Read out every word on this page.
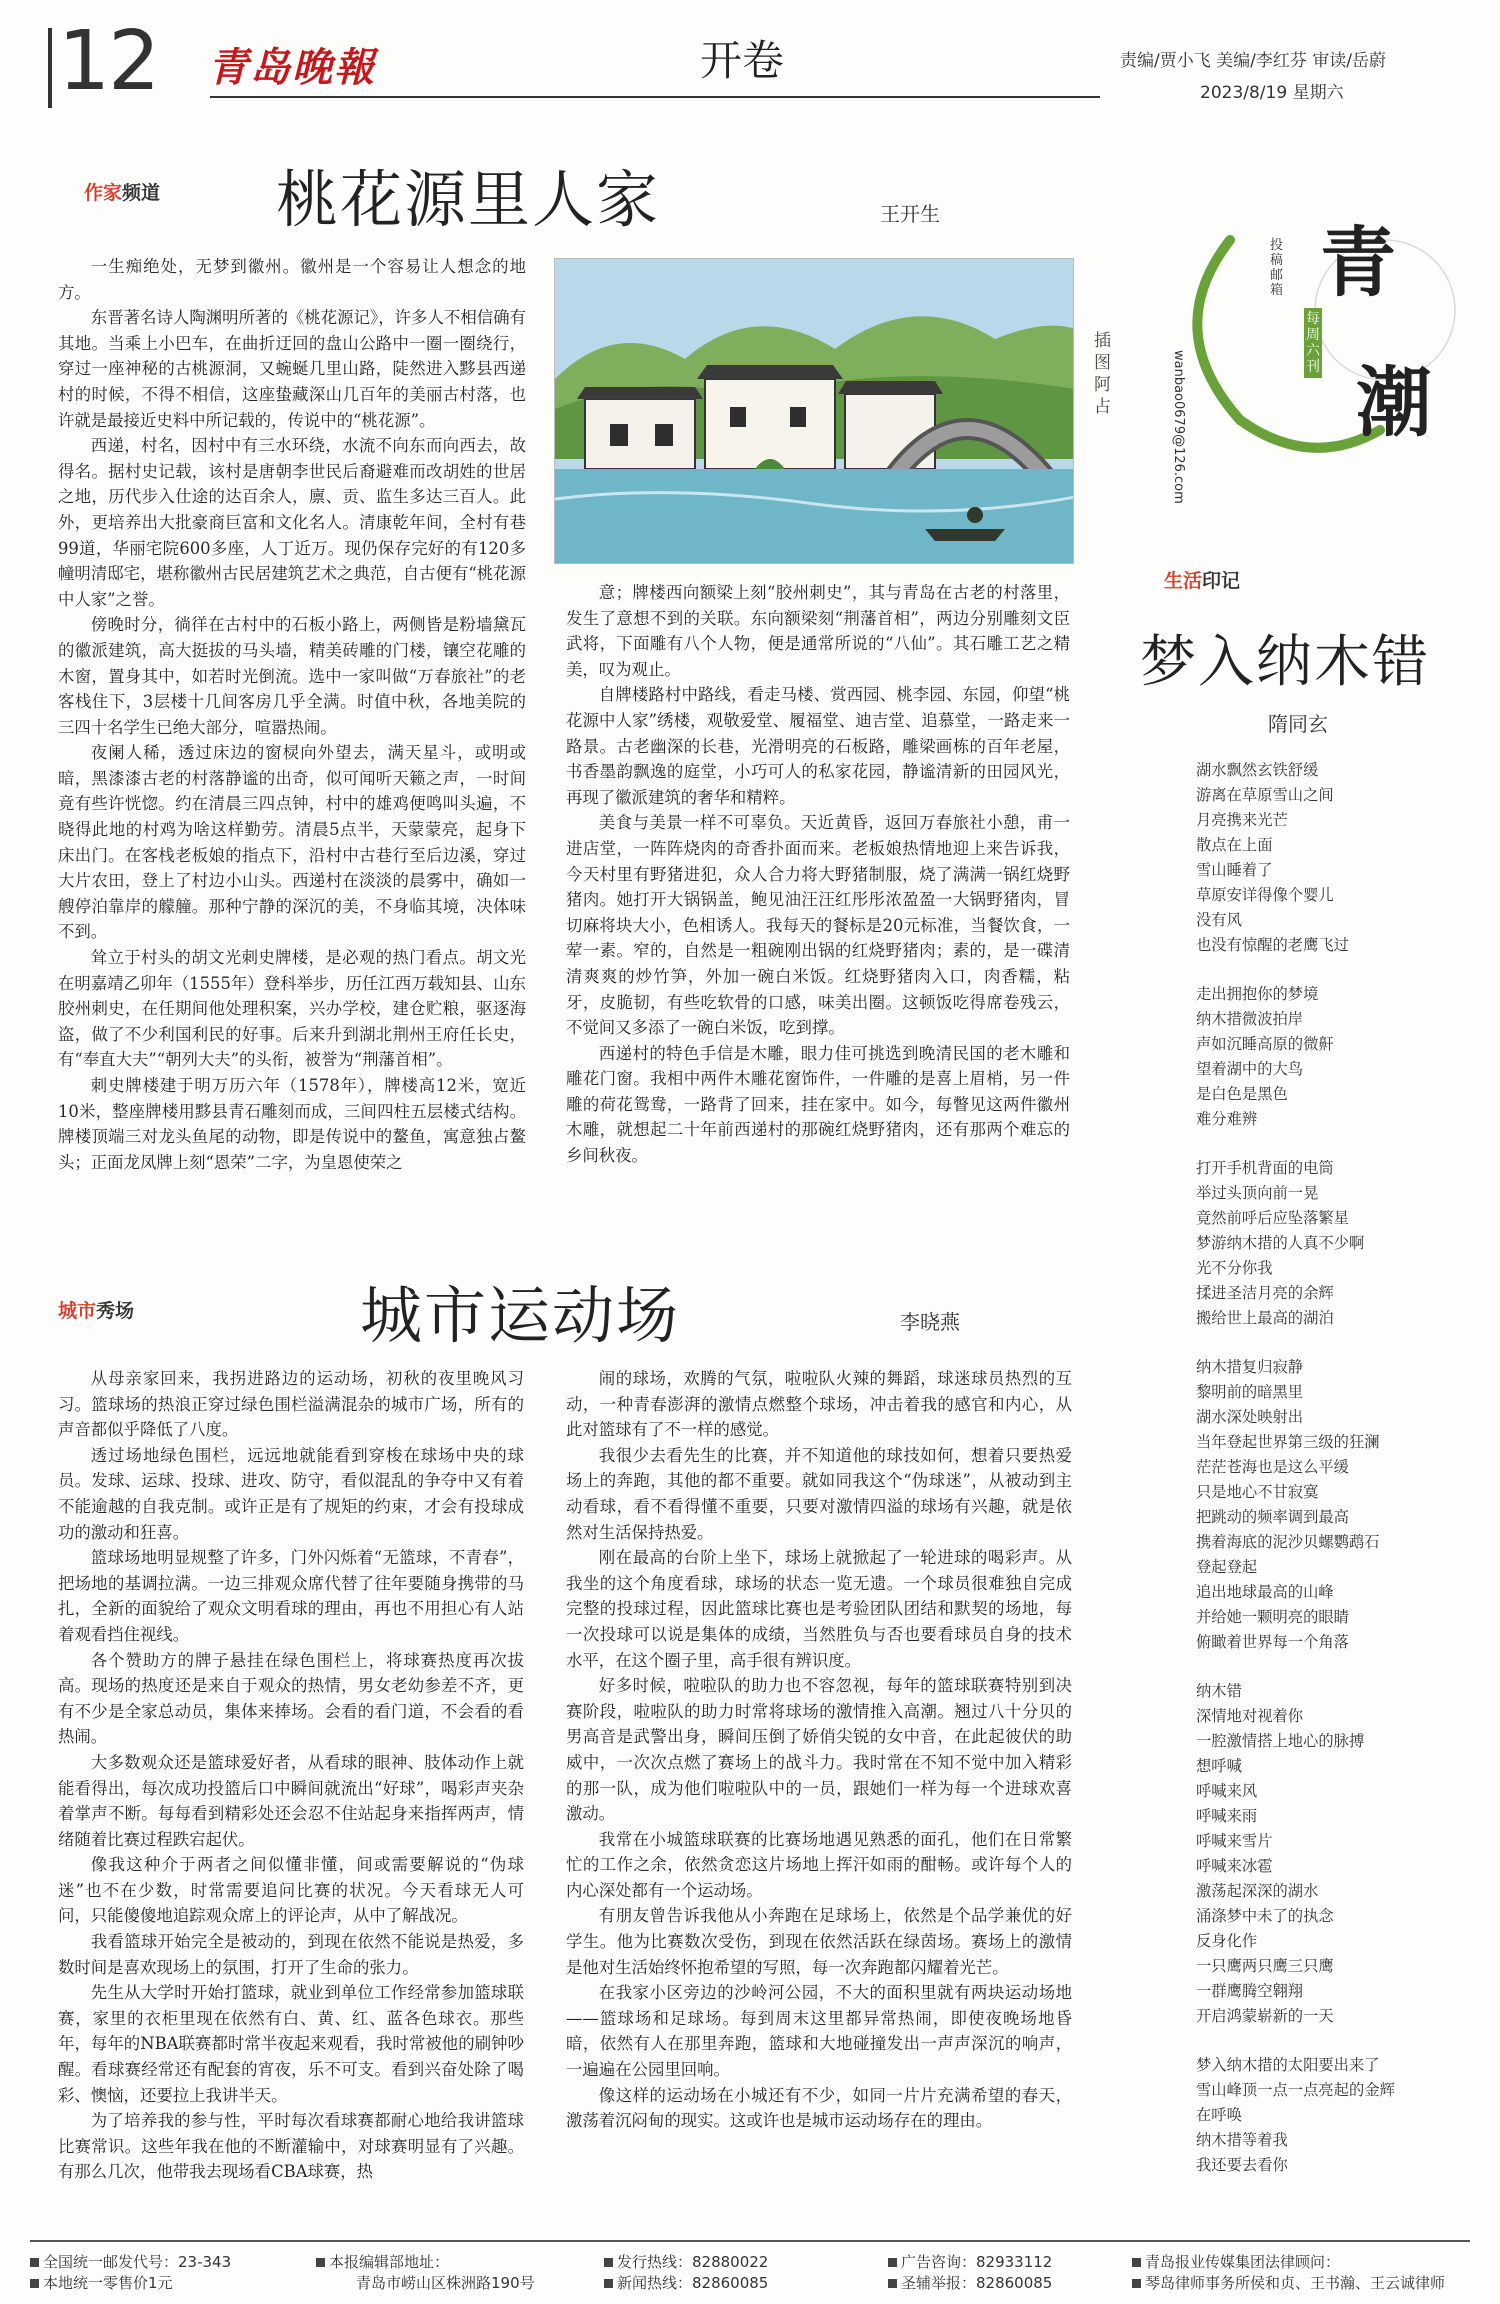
12 青岛晚報	开卷	责编/贾小飞 美编/李红芬 审读/岳蔚
2023/8/19 星期六
作家频道 桃花源里人家	王开生

一生痴绝处，无梦到徽州。徽州是一个容易让人想念的地方。

东晋著名诗人陶渊明所著的《桃花源记》，许多人不相信确有其地。当乘上小巴车，在曲折迂回的盘山公路中一圈一圈绕行，穿过一座神秘的古桃源洞，又蜿蜒几里山路，陡然进入黟县西递村的时候，不得不相信，这座蛰藏深山几百年的美丽古村落，也许就是最接近史料中所记载的，传说中的“桃花源”。

西递，村名，因村中有三水环绕，水流不向东而向西去，故得名。据村史记载，该村是唐朝李世民后裔避难而改胡姓的世居之地，历代步入仕途的达百余人，廪、贡、监生多达三百人。此外，更培养出大批豪商巨富和文化名人。清康乾年间，全村有巷99道，华丽宅院600多座，人丁近万。现仍保存完好的有120多幢明清邸宅，堪称徽州古民居建筑艺术之典范，自古便有“桃花源中人家”之誉。

傍晚时分，徜徉在古村中的石板小路上，两侧皆是粉墙黛瓦的徽派建筑，高大挺拔的马头墙，精美砖雕的门楼，镶空花雕的木窗，置身其中，如若时光倒流。选中一家叫做“万春旅社”的老客栈住下，3层楼十几间客房几乎全满。时值中秋，各地美院的三四十名学生已绝大部分，喧嚣热闹。

夜阑人稀，透过床边的窗棂向外望去，满天星斗，或明或暗，黑漆漆古老的村落静谧的出奇，似可闻听天籁之声，一时间竟有些许恍惚。约在清晨三四点钟，村中的雄鸡便鸣叫头遍，不晓得此地的村鸡为啥这样勤劳。清晨5点半，天蒙蒙亮，起身下床出门。在客栈老板娘的指点下，沿村中古巷行至后边溪，穿过大片农田，登上了村边小山头。西递村在淡淡的晨雾中，确如一艘停泊靠岸的艨艟。那种宁静的深沉的美，不身临其境，决体味不到。

耸立于村头的胡文光刺史牌楼，是必观的热门看点。胡文光在明嘉靖乙卯年（1555年）登科举步，历任江西万载知县、山东胶州刺史，在任期间他处理积案，兴办学校，建仓贮粮，驱逐海盗，做了不少利国利民的好事。后来升到湖北荆州王府任长史，有“奉直大夫”“朝列大夫”的头衔，被誉为“荆藩首相”。

刺史牌楼建于明万历六年（1578年），牌楼高12米，宽近10米，整座牌楼用黟县青石雕刻而成，三间四柱五层楼式结构。牌楼顶端三对龙头鱼尾的动物，即是传说中的鳌鱼，寓意独占鳌头；正面龙凤牌上刻“恩荣”二字，为皇恩使荣之

插图 阿占

意；牌楼西向额梁上刻“胶州刺史”，其与青岛在古老的村落里，发生了意想不到的关联。东向额梁刻“荆藩首相”，两边分别雕刻文臣武将，下面雕有八个人物，便是通常所说的“八仙”。其石雕工艺之精美，叹为观止。

自牌楼路村中路线，看走马楼、赏西园、桃李园、东园，仰望“桃花源中人家”绣楼，观敬爱堂、履福堂、迪吉堂、追慕堂，一路走来一路景。古老幽深的长巷，光滑明亮的石板路，雕梁画栋的百年老屋，书香墨韵飘逸的庭堂，小巧可人的私家花园，静谧清新的田园风光，再现了徽派建筑的奢华和精粹。

美食与美景一样不可辜负。天近黄昏，返回万春旅社小憩，甫一进店堂，一阵阵烧肉的奇香扑面而来。老板娘热情地迎上来告诉我，今天村里有野猪进犯，众人合力将大野猪制服，烧了满满一锅红烧野猪肉。她打开大锅锅盖，鲍见油汪汪红彤彤浓盈盈一大锅野猪肉，冒切麻将块大小，色相诱人。我每天的餐标是20元标准，当餐饮食，一荤一素。窄的，自然是一粗碗刚出锅的红烧野猪肉；素的，是一碟清清爽爽的炒竹笋，外加一碗白米饭。红烧野猪肉入口，肉香糯，粘牙，皮脆韧，有些吃软骨的口感，味美出圈。这顿饭吃得席卷残云，不觉间又多添了一碗白米饭，吃到撑。

西递村的特色手信是木雕，眼力佳可挑选到晚清民国的老木雕和雕花门窗。我相中两件木雕花窗饰件，一件雕的是喜上眉梢，另一件雕的荷花鸳鸯，一路背了回来，挂在家中。如今，每瞥见这两件徽州木雕，就想起二十年前西递村的那碗红烧野猪肉，还有那两个难忘的乡间秋夜。

城市秀场	城市运动场	李晓燕

从母亲家回来，我拐进路边的运动场，初秋的夜里晚风习习。篮球场的热浪正穿过绿色围栏溢满混杂的城市广场，所有的声音都似乎降低了八度。

透过场地绿色围栏，远远地就能看到穿梭在球场中央的球员。发球、运球、投球、进攻、防守，看似混乱的争夺中又有着不能逾越的自我克制。或许正是有了规矩的约束，才会有投球成功的激动和狂喜。

篮球场地明显规整了许多，门外闪烁着“无篮球，不青春”，把场地的基调拉满。一边三排观众席代替了往年要随身携带的马扎，全新的面貌给了观众文明看球的理由，再也不用担心有人站着观看挡住视线。

各个赞助方的牌子悬挂在绿色围栏上，将球赛热度再次拔高。现场的热度还是来自于观众的热情，男女老幼参差不齐，更有不少是全家总动员，集体来捧场。会看的看门道，不会看的看热闹。

大多数观众还是篮球爱好者，从看球的眼神、肢体动作上就能看得出，每次成功投篮后口中瞬间就流出“好球”，喝彩声夹杂着掌声不断。每每看到精彩处还会忍不住站起身来指挥两声，情绪随着比赛过程跌宕起伏。

像我这种介于两者之间似懂非懂，间或需要解说的“伪球迷”也不在少数，时常需要追问比赛的状况。今天看球无人可问，只能傻傻地追踪观众席上的评论声，从中了解战况。

我看篮球开始完全是被动的，到现在依然不能说是热爱，多数时间是喜欢现场上的氛围，打开了生命的张力。

先生从大学时开始打篮球，就业到单位工作经常参加篮球联赛，家里的衣柜里现在依然有白、黄、红、蓝各色球衣。那些年，每年的NBA联赛都时常半夜起来观看，我时常被他的刷钟吵醒。看球赛经常还有配套的宵夜，乐不可支。看到兴奋处除了喝彩、懊恼，还要拉上我讲半天。

为了培养我的参与性，平时每次看球赛都耐心地给我讲篮球比赛常识。这些年我在他的不断灌输中，对球赛明显有了兴趣。有那么几次，他带我去现场看CBA球赛，热

闹的球场，欢腾的气氛，啦啦队火辣的舞蹈，球迷球员热烈的互动，一种青春澎湃的激情点燃整个球场，冲击着我的感官和内心，从此对篮球有了不一样的感觉。

我很少去看先生的比赛，并不知道他的球技如何，想着只要热爱场上的奔跑，其他的都不重要。就如同我这个“伪球迷”，从被动到主动看球，看不看得懂不重要，只要对激情四溢的球场有兴趣，就是依然对生活保持热爱。

刚在最高的台阶上坐下，球场上就掀起了一轮进球的喝彩声。从我坐的这个角度看球，球场的状态一览无遗。一个球员很难独自完成完整的投球过程，因此篮球比赛也是考验团队团结和默契的场地，每一次投球可以说是集体的成绩，当然胜负与否也要看球员自身的技术水平，在这个圈子里，高手很有辨识度。

好多时候，啦啦队的助力也不容忽视，每年的篮球联赛特别到决赛阶段，啦啦队的助力时常将球场的激情推入高潮。翘过八十分贝的男高音是武警出身，瞬间压倒了娇俏尖锐的女中音，在此起彼伏的助威中，一次次点燃了赛场上的战斗力。我时常在不知不觉中加入精彩的那一队，成为他们啦啦队中的一员，跟她们一样为每一个进球欢喜激动。

我常在小城篮球联赛的比赛场地遇见熟悉的面孔，他们在日常繁忙的工作之余，依然贪恋这片场地上挥汗如雨的酣畅。或许每个人的内心深处都有一个运动场。

有朋友曾告诉我他从小奔跑在足球场上，依然是个品学兼优的好学生。他为比赛数次受伤，到现在依然活跃在绿茵场。赛场上的激情是他对生活始终怀抱希望的写照，每一次奔跑都闪耀着光芒。

在我家小区旁边的沙岭河公园，不大的面积里就有两块运动场地——篮球场和足球场。每到周末这里都异常热闹，即使夜晚场地昏暗，依然有人在那里奔跑，篮球和大地碰撞发出一声声深沉的响声，一遍遍在公园里回响。

像这样的运动场在小城还有不少，如同一片片充满希望的春天，激荡着沉闷甸的现实。这或许也是城市运动场存在的理由。

青
潮
每周六刊
投稿邮箱
wanbao0679@126.com
生活印记
梦入纳木错
隋同玄
湖水飘然玄铁舒缓
游离在草原雪山之间
月亮携来光芒
散点在上面
雪山睡着了
草原安详得像个婴儿
没有风
也没有惊醒的老鹰飞过
走出拥抱你的梦境
纳木措微波拍岸
声如沉睡高原的微鼾
望着湖中的大鸟
是白色是黑色
难分难辨
打开手机背面的电筒
举过头顶向前一晃
竟然前呼后应坠落繁星
梦游纳木措的人真不少啊
光不分你我
揉进圣洁月亮的余辉
搬给世上最高的湖泊
纳木措复归寂静
黎明前的暗黑里
湖水深处映射出
当年登起世界第三级的狂澜
茫茫苍海也是这么平缓
只是地心不甘寂寞
把跳动的频率调到最高
携着海底的泥沙贝螺鹦鹉石
登起登起
追出地球最高的山峰
并给她一颗明亮的眼睛
俯瞰着世界每一个角落
纳木错
深情地对视着你
一腔激情搭上地心的脉搏
想呼喊
呼喊来风
呼喊来雨
呼喊来雪片
呼喊来冰雹
激荡起深深的湖水
涌涤梦中未了的执念
反身化作
一只鹰两只鹰三只鹰
一群鹰腾空翱翔
开启鸿蒙崭新的一天
梦入纳木措的太阳要出来了
雪山峰顶一点一点亮起的金辉
在呼唤
纳木措等着我
我还要去看你
全国统一邮发代号：23-343
本地统一零售价1元
本报编辑部地址：
青岛市崂山区株洲路190号
发行热线：82880022
新闻热线：82860085
广告咨询：82933112
圣辅举报：82860085
青岛报业传媒集团法律顾问：
琴岛律师事务所侯和贞、王书瀚、王云诚律师
